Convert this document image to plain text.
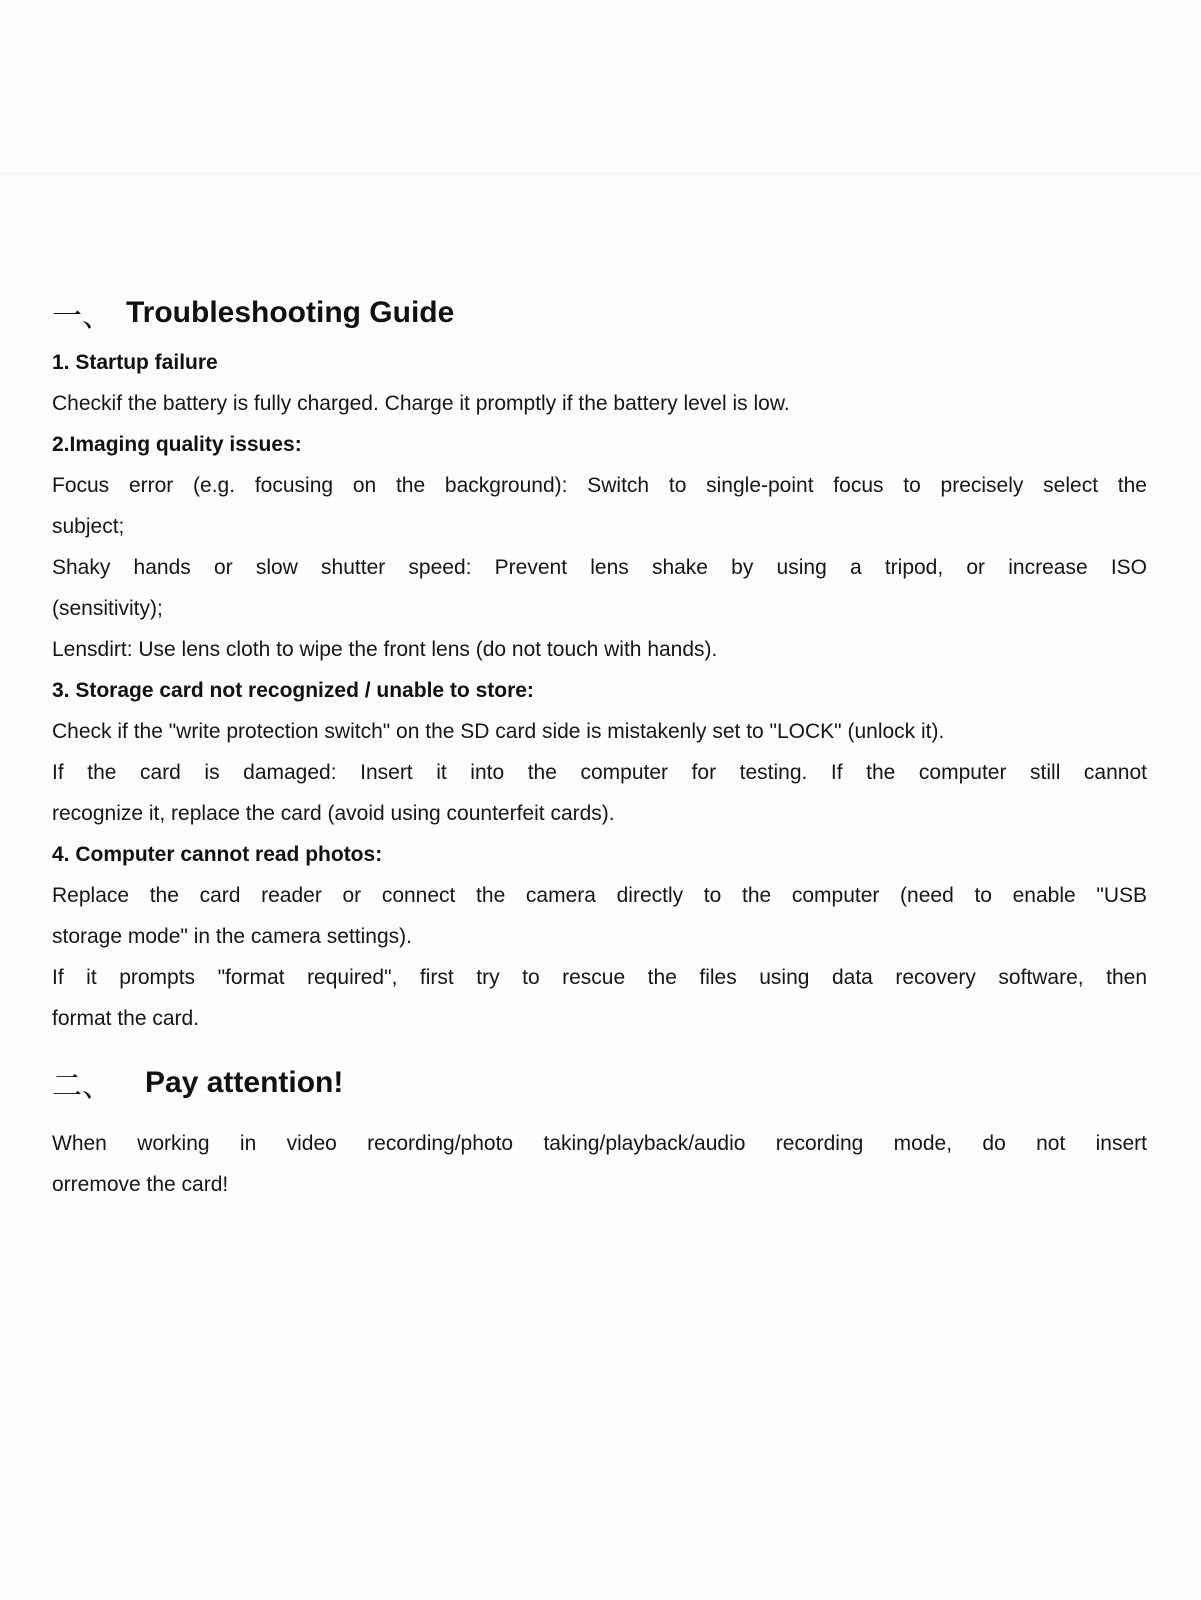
一、 Troubleshooting Guide

1. Startup failure

Checkif the battery is fully charged. Charge it promptly if the battery level is low.

2.Imaging quality issues:

Focus error (e.g. focusing on the background): Switch to single-point focus to precisely select the

subject;

Shaky hands or slow shutter speed: Prevent lens shake by using a tripod, or increase ISO

(sensitivity);

Lensdirt: Use lens cloth to wipe the front lens (do not touch with hands).

3. Storage card not recognized / unable to store:

Check if the "write protection switch" on the SD card side is mistakenly set to "LOCK" (unlock it).

If the card is damaged: Insert it into the computer for testing. If the computer still cannot

recognize it, replace the card (avoid using counterfeit cards).

4. Computer cannot read photos:

Replace the card reader or connect the camera directly to the computer (need to enable "USB

storage mode" in the camera settings).

If it prompts "format required", first try to rescue the files using data recovery software, then

format the card.

二、	Pay attention!

When working in video recording/photo taking/playback/audio recording mode, do not insert

orremove the card!
